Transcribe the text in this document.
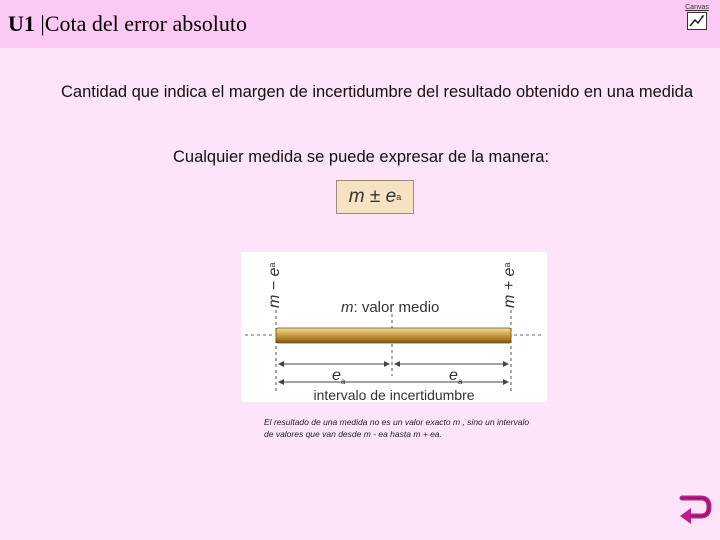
U1 |Cota del error absoluto
Canvas
Cantidad que indica el margen de incertidumbre del resultado obtenido en una medida
Cualquier medida se puede expresar de la manera:
m ± e a
$m - e^a$
$m + e^a$
m: valor medio
$e_a$	$e_a$
intervalo de incertidumbre
El resultado de una medida no es un valor exacto m , sino un intervalo de valores que van desde m - ea hasta m + ea.
